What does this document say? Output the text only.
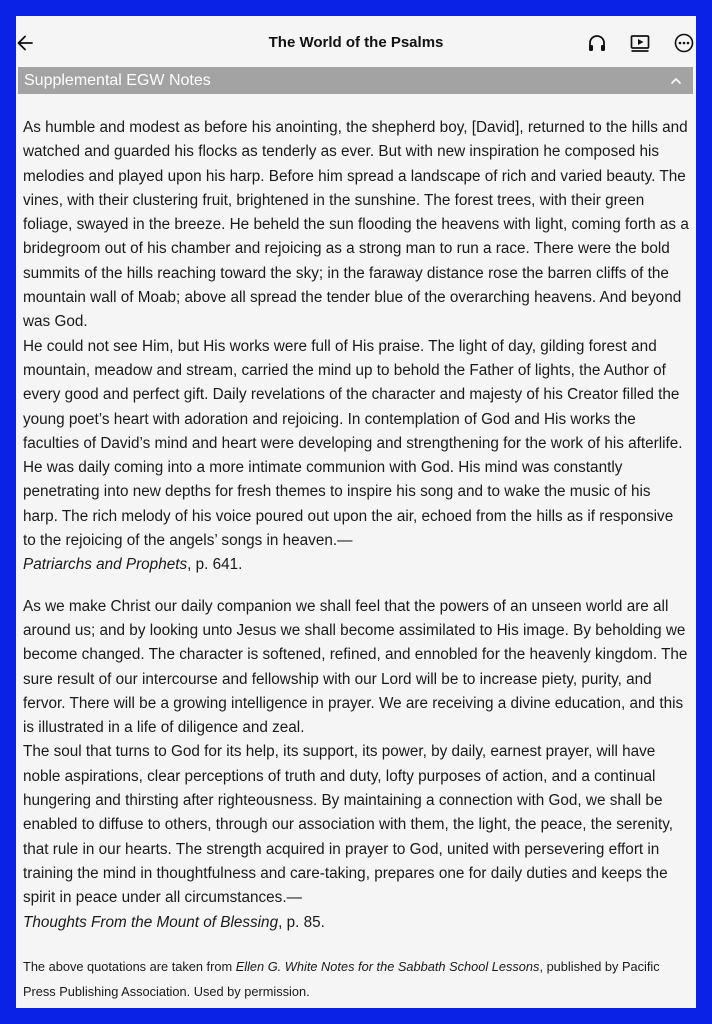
The World of the Psalms
Supplemental EGW Notes

As humble and modest as before his anointing, the shepherd boy, [David], returned to the hills and watched and guarded his flocks as tenderly as ever. But with new inspiration he composed his melodies and played upon his harp. Before him spread a landscape of rich and varied beauty. The vines, with their clustering fruit, brightened in the sunshine. The forest trees, with their green foliage, swayed in the breeze. He beheld the sun flooding the heavens with light, coming forth as a bridegroom out of his chamber and rejoicing as a strong man to run a race. There were the bold summits of the hills reaching toward the sky; in the faraway distance rose the barren cliffs of the mountain wall of Moab; above all spread the tender blue of the overarching heavens. And beyond was God.

He could not see Him, but His works were full of His praise. The light of day, gilding forest and mountain, meadow and stream, carried the mind up to behold the Father of lights, the Author of every good and perfect gift. Daily revelations of the character and majesty of his Creator filled the young poet’s heart with adoration and rejoicing. In contemplation of God and His works the faculties of David’s mind and heart were developing and strengthening for the work of his afterlife. He was daily coming into a more intimate communion with God. His mind was constantly penetrating into new depths for fresh themes to inspire his song and to wake the music of his harp. The rich melody of his voice poured out upon the air, echoed from the hills as if responsive to the rejoicing of the angels’ songs in heaven.—
Patriarchs and Prophets, p. 641.

As we make Christ our daily companion we shall feel that the powers of an unseen world are all around us; and by looking unto Jesus we shall become assimilated to His image. By beholding we become changed. The character is softened, refined, and ennobled for the heavenly kingdom. The sure result of our intercourse and fellowship with our Lord will be to increase piety, purity, and fervor. There will be a growing intelligence in prayer. We are receiving a divine education, and this is illustrated in a life of diligence and zeal.

The soul that turns to God for its help, its support, its power, by daily, earnest prayer, will have noble aspirations, clear perceptions of truth and duty, lofty purposes of action, and a continual hungering and thirsting after righteousness. By maintaining a connection with God, we shall be enabled to diffuse to others, through our association with them, the light, the peace, the serenity, that rule in our hearts. The strength acquired in prayer to God, united with persevering effort in training the mind in thoughtfulness and care-taking, prepares one for daily duties and keeps the spirit in peace under all circumstances.—
Thoughts From the Mount of Blessing, p. 85.

The above quotations are taken from Ellen G. White Notes for the Sabbath School Lessons, published by Pacific Press Publishing Association. Used by permission.
